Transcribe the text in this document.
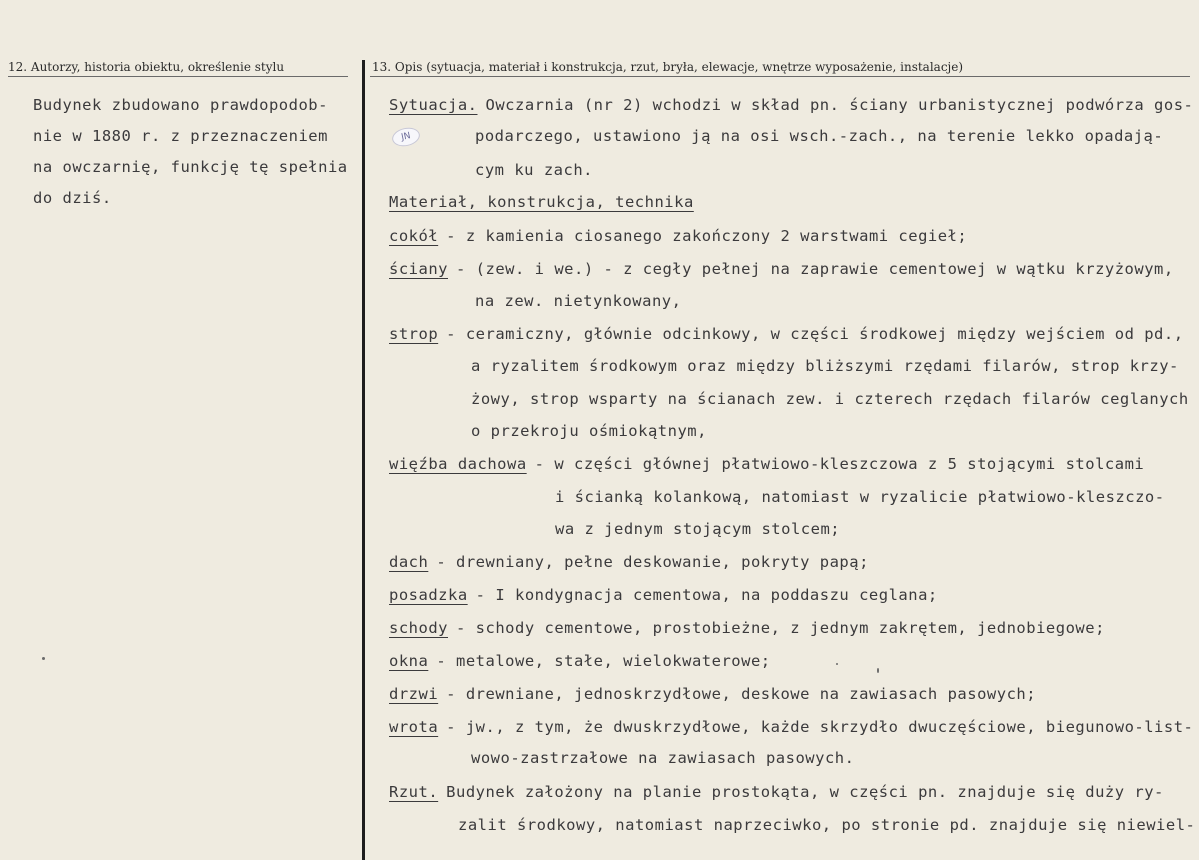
12. Autorzy, historia obiektu, określenie stylu	13. Opis (sytuacja, materiał i konstrukcja, rzut, bryła, elewacje, wnętrze wyposażenie, instalacje)
Budynek zbudowano prawdopodob-
nie w 1880 r. z przeznaczeniem
na owczarnię, funkcję tę spełnia
do dziś.
JN
Sytuacja. Owczarnia (nr 2) wchodzi w skład pn. ściany urbanistycznej podwórza gos-
podarczego, ustawiono ją na osi wsch.-zach., na terenie lekko opadają-
cym ku zach.
Materiał, konstrukcja, technika
cokół - z kamienia ciosanego zakończony 2 warstwami cegieł;
ściany - (zew. i we.) - z cegły pełnej na zaprawie cementowej w wątku krzyżowym,
na zew. nietynkowany,
strop - ceramiczny, głównie odcinkowy, w części środkowej między wejściem od pd.,
a ryzalitem środkowym oraz między bliższymi rzędami filarów, strop krzy-
żowy, strop wsparty na ścianach zew. i czterech rzędach filarów ceglanych
o przekroju ośmiokątnym,
więźba dachowa - w części głównej płatwiowo-kleszczowa z 5 stojącymi stolcami
i ścianką kolankową, natomiast w ryzalicie płatwiowo-kleszczo-
wa z jednym stojącym stolcem;
dach - drewniany, pełne deskowanie, pokryty papą;
posadzka - I kondygnacja cementowa, na poddaszu ceglana;
schody - schody cementowe, prostobieżne, z jednym zakrętem, jednobiegowe;
okna - metalowe, stałe, wielokwaterowe;
drzwi - drewniane, jednoskrzydłowe, deskowe na zawiasach pasowych;
wrota - jw., z tym, że dwuskrzydłowe, każde skrzydło dwuczęściowe, biegunowo-list-
wowo-zastrzałowe na zawiasach pasowych.
Rzut. Budynek założony na planie prostokąta, w części pn. znajduje się duży ry-
zalit środkowy, natomiast naprzeciwko, po stronie pd. znajduje się niewiel-
